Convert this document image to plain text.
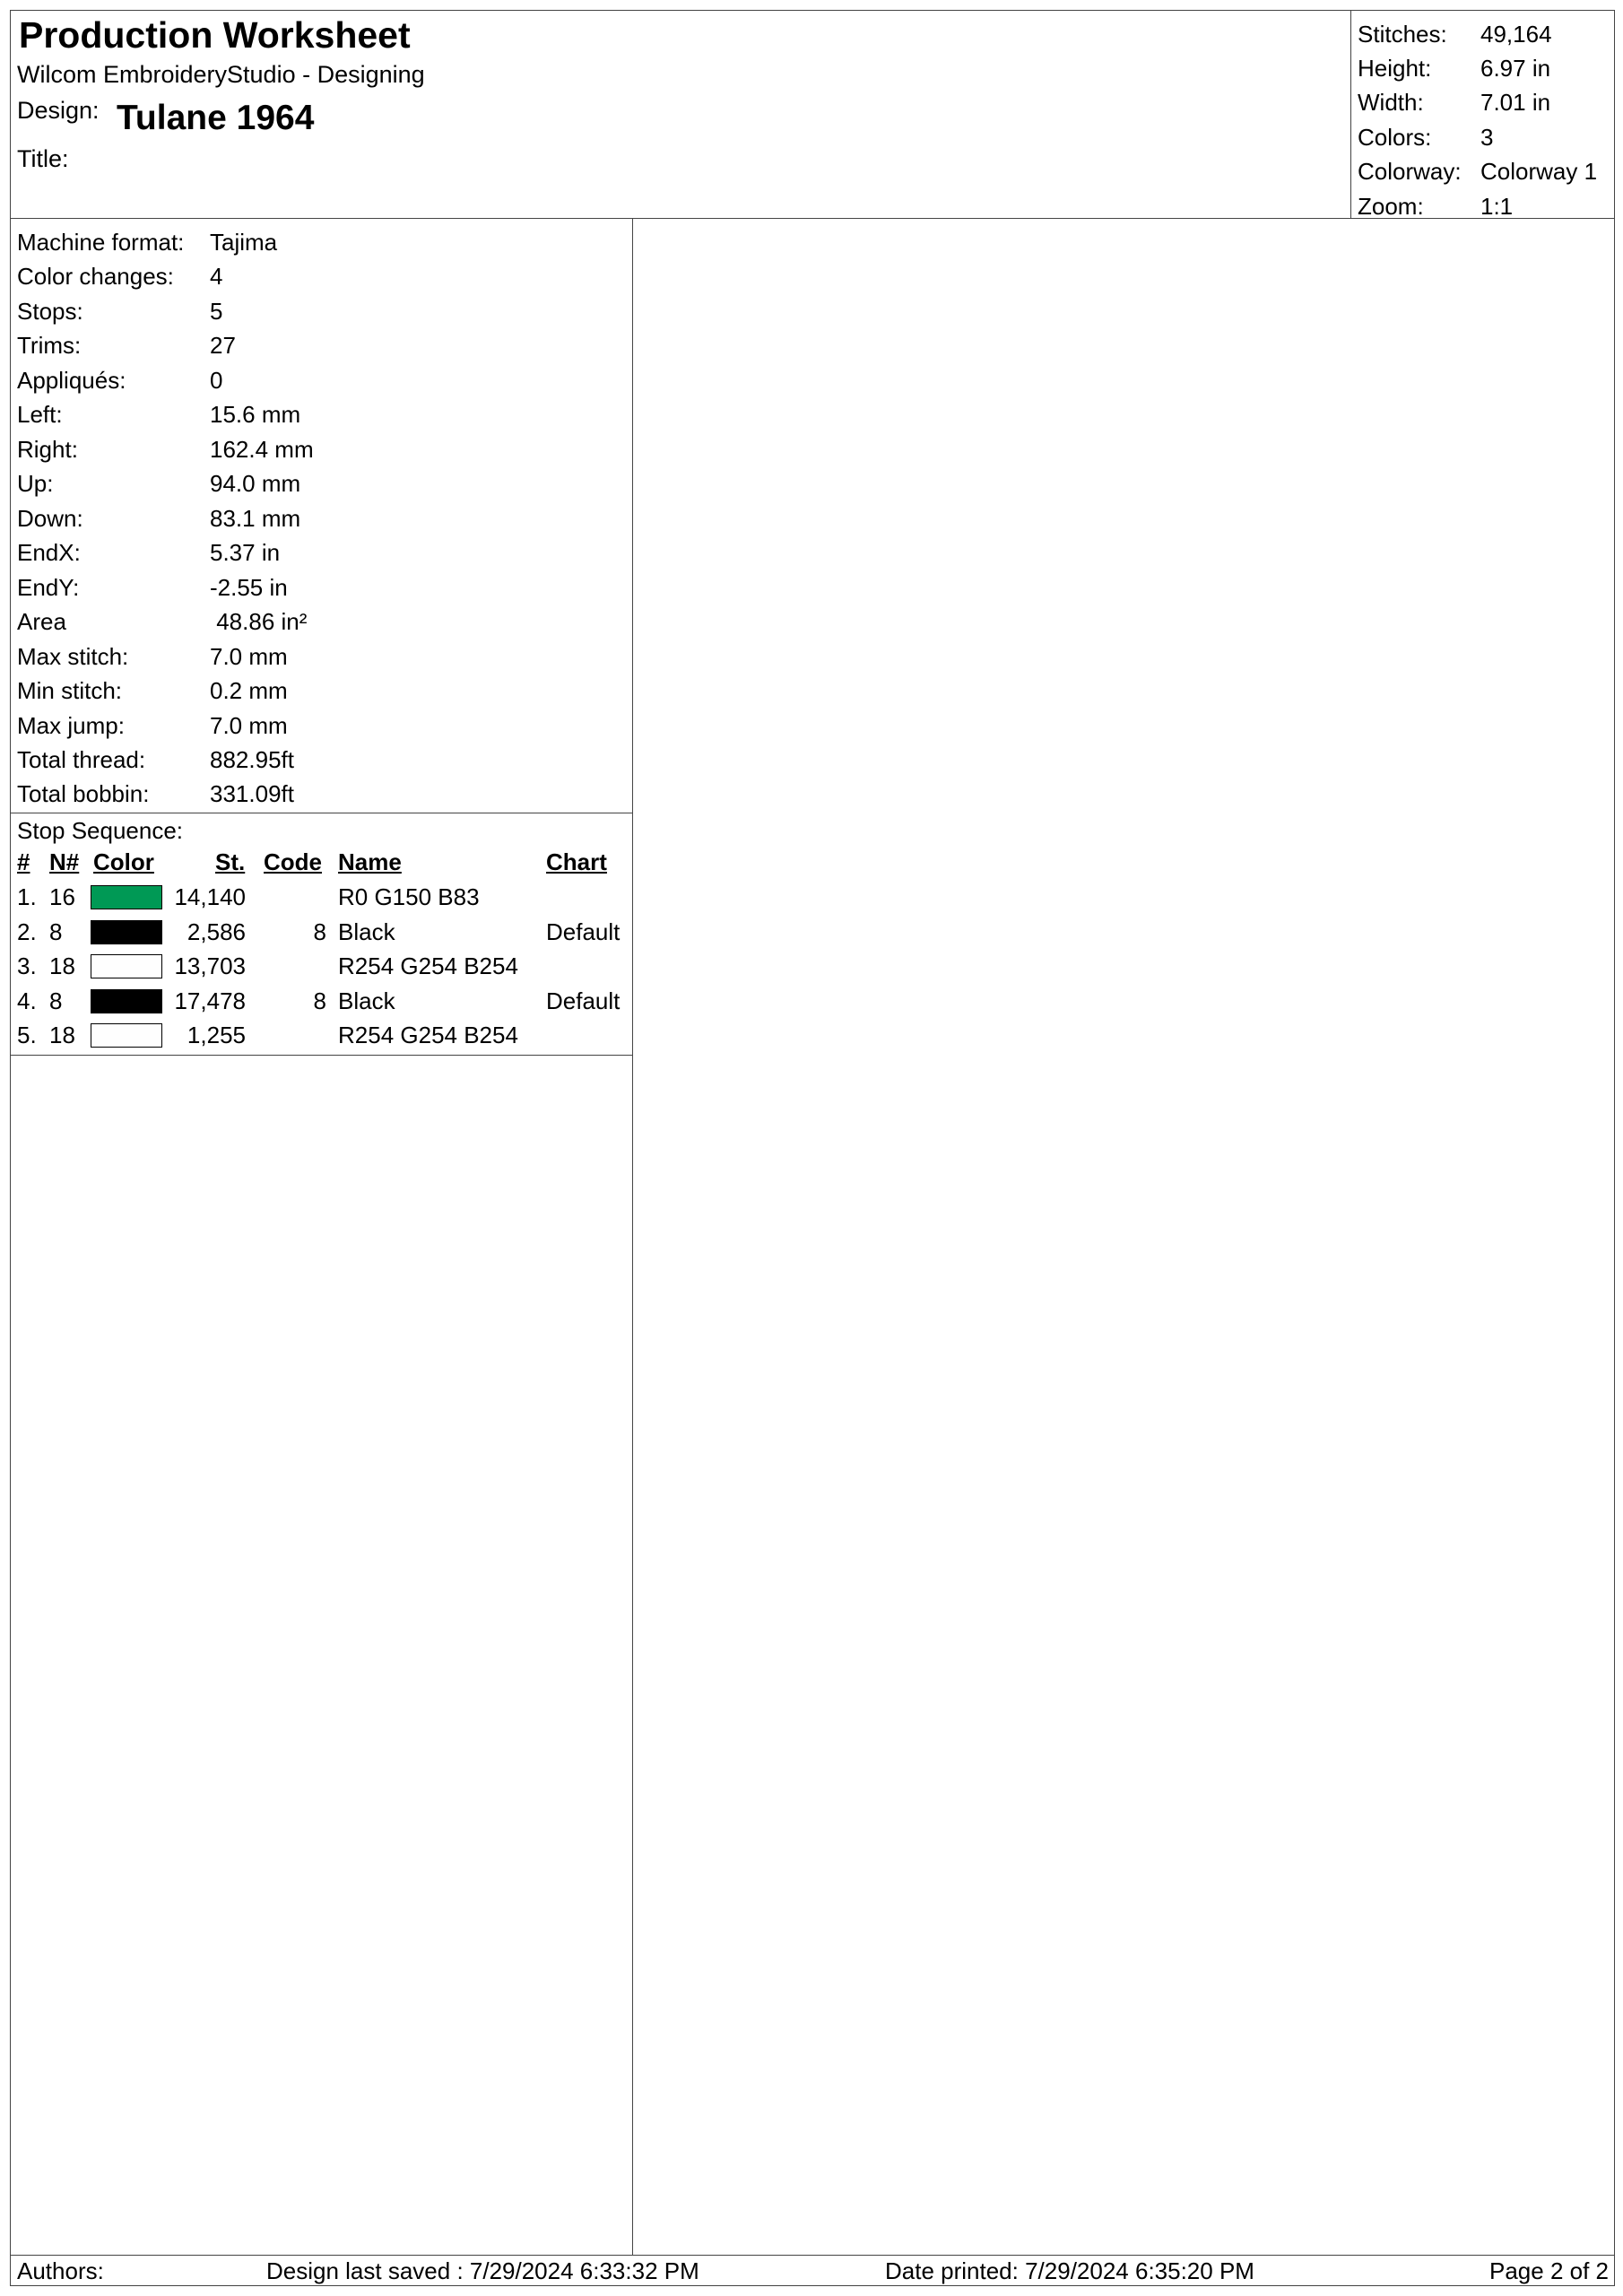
Production Worksheet
Wilcom EmbroideryStudio - Designing
Design: Tulane 1964
Title:
Stitches: 49,164
Height: 6.97 in
Width: 7.01 in
Colors: 3
Colorway: Colorway 1
Zoom: 1:1
Machine format: Tajima
Color changes: 4
Stops:	5
Trims:	27
Appliqués:	0
Left:	15.6 mm
Right:	162.4 mm
Up:	94.0 mm
Down:	83.1 mm
EndX:	5.37 in
EndY:	-2.55 in
Area	48.86 in²
Max stitch:	7.0 mm
Min stitch:	0.2 mm
Max jump:	7.0 mm
Total thread:	882.95ft
Total bobbin:	331.09ft
Stop Sequence:
# N# Color	St. Code Name	Chart
1. 16	14,140	R0 G150 B83
2. 8	2,586	8 Black	Default
3. 18	13,703	R254 G254 B254
4. 8	17,478	8 Black	Default
5. 18	1,255	R254 G254 B254
Authors:	Design last saved : 7/29/2024 6:33:32 PM	Date printed: 7/29/2024 6:35:20 PM	Page 2 of 2
